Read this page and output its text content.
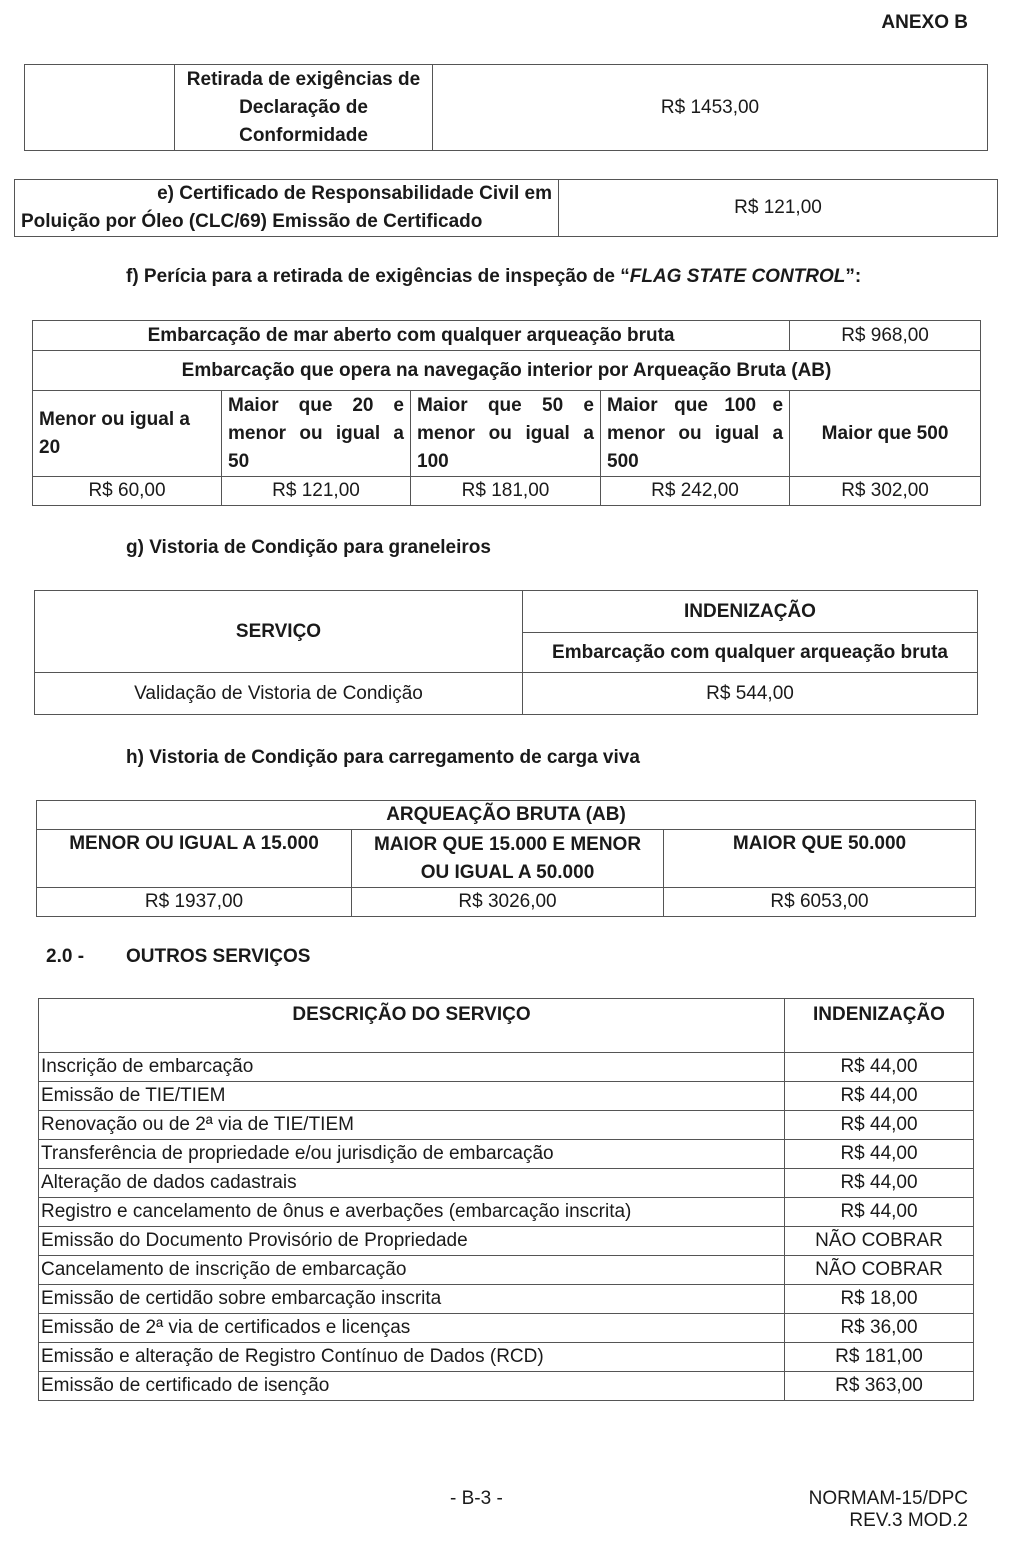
ANEXO B
	Retirada de exigências de Declaração de Conformidade	R$ 1453,00
e) Certificado de Responsabilidade Civil em
Poluição por Óleo (CLC/69) Emissão de Certificado
	R$ 121,00
f) Perícia para a retirada de exigências de inspeção de “FLAG STATE CONTROL”:
Embarcação de mar aberto com qualquer arqueação bruta				R$ 968,00
Embarcação que opera na navegação interior por Arqueação Bruta (AB)				
Menor ou igual a 20	Maior que 20 e menor ou igual a 50	Maior que 50 e menor ou igual a 100	Maior que 100 e menor ou igual a 500	Maior que 500
R$ 60,00	R$ 121,00	R$ 181,00	R$ 242,00	R$ 302,00
g) Vistoria de Condição para graneleiros
SERVIÇO	INDENIZAÇÃO
	Embarcação com qualquer arqueação bruta
Validação de Vistoria de Condição	R$ 544,00
h) Vistoria de Condição para carregamento de carga viva
ARQUEAÇÃO BRUTA (AB)		
MENOR OU IGUAL A 15.000	MAIOR QUE 15.000 E MENOR OU IGUAL A 50.000	MAIOR QUE 50.000
R$ 1937,00	R$ 3026,00	R$ 6053,00
2.0 - OUTROS SERVIÇOS
DESCRIÇÃO DO SERVIÇO	INDENIZAÇÃO
Inscrição de embarcação	R$ 44,00
Emissão de TIE/TIEM	R$ 44,00
Renovação ou de 2ª via de TIE/TIEM	R$ 44,00
Transferência de propriedade e/ou jurisdição de embarcação	R$ 44,00
Alteração de dados cadastrais	R$ 44,00
Registro e cancelamento de ônus e averbações (embarcação inscrita)	R$ 44,00
Emissão do Documento Provisório de Propriedade	NÃO COBRAR
Cancelamento de inscrição de embarcação	NÃO COBRAR
Emissão de certidão sobre embarcação inscrita	R$ 18,00
Emissão de 2ª via de certificados e licenças	R$ 36,00
Emissão e alteração de Registro Contínuo de Dados (RCD)	R$ 181,00
Emissão de certificado de isenção	R$ 363,00
- B-3 -	NORMAM-15/DPC
REV.3 MOD.2
